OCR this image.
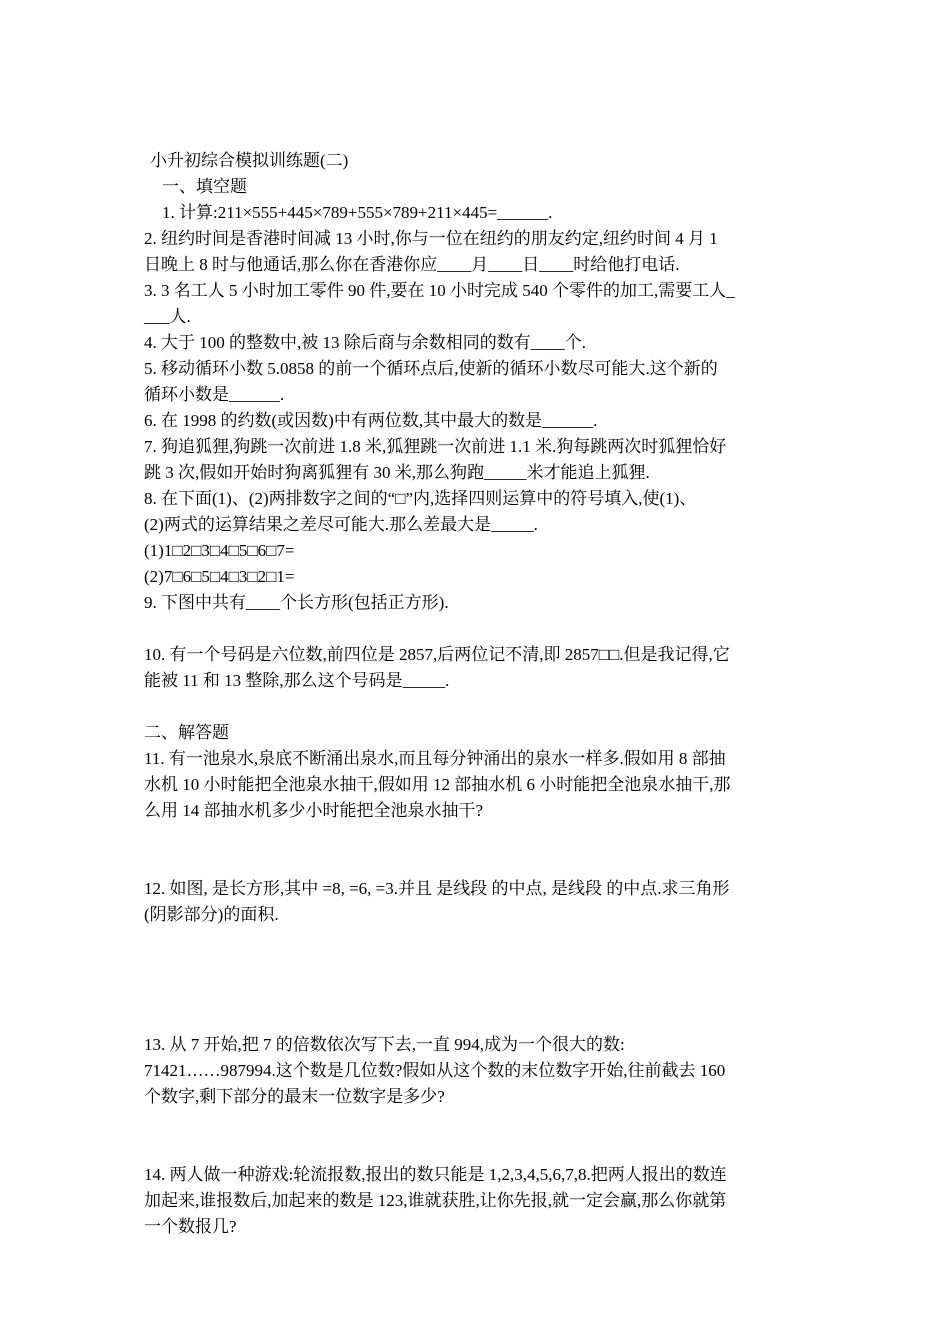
小升初综合模拟训练题(二)
一、填空题
1. 计算:211×555+445×789+555×789+211×445=______.
2. 纽约时间是香港时间减 13 小时,你与一位在纽约的朋友约定,纽约时间 4 月 1
日晚上 8 时与他通话,那么你在香港你应____月____日____时给他打电话.
3. 3 名工人 5 小时加工零件 90 件,要在 10 小时完成 540 个零件的加工,需要工人_
___人.
4. 大于 100 的整数中,被 13 除后商与余数相同的数有____个.
5. 移动循环小数 5.0858 的前一个循环点后,使新的循环小数尽可能大.这个新的
循环小数是______.
6. 在 1998 的约数(或因数)中有两位数,其中最大的数是______.
7. 狗追狐狸,狗跳一次前进 1.8 米,狐狸跳一次前进 1.1 米.狗每跳两次时狐狸恰好
跳 3 次,假如开始时狗离狐狸有 30 米,那么狗跑_____米才能追上狐狸.
8. 在下面(1)、(2)两排数字之间的“□”内,选择四则运算中的符号填入,使(1)、
(2)两式的运算结果之差尽可能大.那么差最大是_____.
(1)1□2□3□4□5□6□7=
(2)7□6□5□4□3□2□1=
9. 下图中共有____个长方形(包括正方形).
10. 有一个号码是六位数,前四位是 2857,后两位记不清,即 2857□□.但是我记得,它
能被 11 和 13 整除,那么这个号码是_____.
二、解答题
11. 有一池泉水,泉底不断涌出泉水,而且每分钟涌出的泉水一样多.假如用 8 部抽
水机 10 小时能把全池泉水抽干,假如用 12 部抽水机 6 小时能把全池泉水抽干,那
么用 14 部抽水机多少小时能把全池泉水抽干?
12. 如图, 是长方形,其中 =8, =6, =3.并且 是线段 的中点, 是线段 的中点.求三角形
(阴影部分)的面积.
13. 从 7 开始,把 7 的倍数依次写下去,一直 994,成为一个很大的数:
71421……987994.这个数是几位数?假如从这个数的末位数字开始,往前截去 160
个数字,剩下部分的最末一位数字是多少?
14. 两人做一种游戏:轮流报数,报出的数只能是 1,2,3,4,5,6,7,8.把两人报出的数连
加起来,谁报数后,加起来的数是 123,谁就获胜,让你先报,就一定会赢,那么你就第
一个数报几?
